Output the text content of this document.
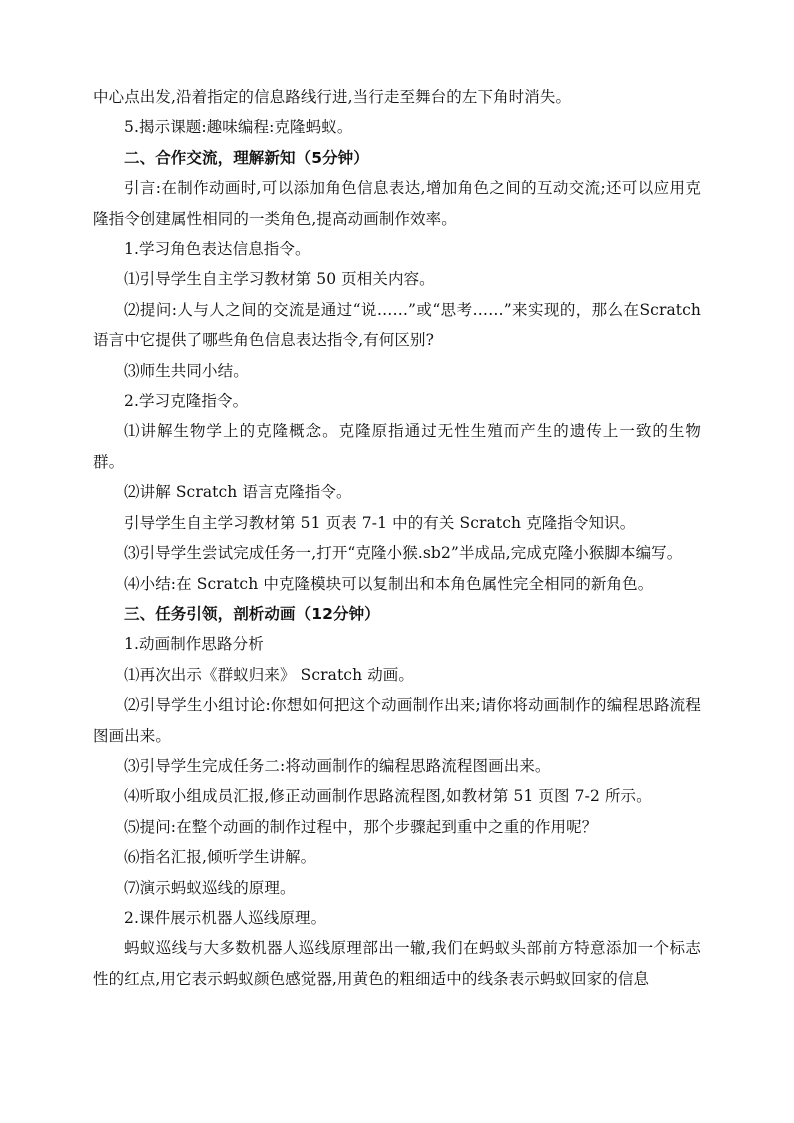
中心点出发,沿着指定的信息路线行进,当行走至舞台的左下角时消失。

5.揭示课题:趣味编程:克隆蚂蚁。

二、合作交流，理解新知（5分钟）

引言:在制作动画时,可以添加角色信息表达,增加角色之间的互动交流;还可以应用克隆指令创建属性相同的一类角色,提高动画制作效率。

1.学习角色表达信息指令。

⑴引导学生自主学习教材第 50 页相关内容。

⑵提问:人与人之间的交流是通过“说……”或“思考……”来实现的，那么在Scratch 语言中它提供了哪些角色信息表达指令,有何区别?

⑶师生共同小结。

2.学习克隆指令。

⑴讲解生物学上的克隆概念。克隆原指通过无性生殖而产生的遗传上一致的生物群。

⑵讲解 Scratch 语言克隆指令。

引导学生自主学习教材第 51 页表 7-1 中的有关 Scratch 克隆指令知识。

⑶引导学生尝试完成任务一,打开“克隆小猴.sb2”半成品,完成克隆小猴脚本编写。

⑷小结:在 Scratch 中克隆模块可以复制出和本角色属性完全相同的新角色。

三、任务引领，剖析动画（12分钟）

1.动画制作思路分析

⑴再次出示《群蚁归来》 Scratch 动画。

⑵引导学生小组讨论:你想如何把这个动画制作出来;请你将动画制作的编程思路流程图画出来。

⑶引导学生完成任务二:将动画制作的编程思路流程图画出来。

⑷听取小组成员汇报,修正动画制作思路流程图,如教材第 51 页图 7-2 所示。

⑸提问:在整个动画的制作过程中，那个步骤起到重中之重的作用呢？

⑹指名汇报,倾听学生讲解。

⑺演示蚂蚁巡线的原理。

2.课件展示机器人巡线原理。

蚂蚁巡线与大多数机器人巡线原理部出一辙,我们在蚂蚁头部前方特意添加一个标志性的红点,用它表示蚂蚁颜色感觉器,用黄色的粗细适中的线条表示蚂蚁回家的信息
